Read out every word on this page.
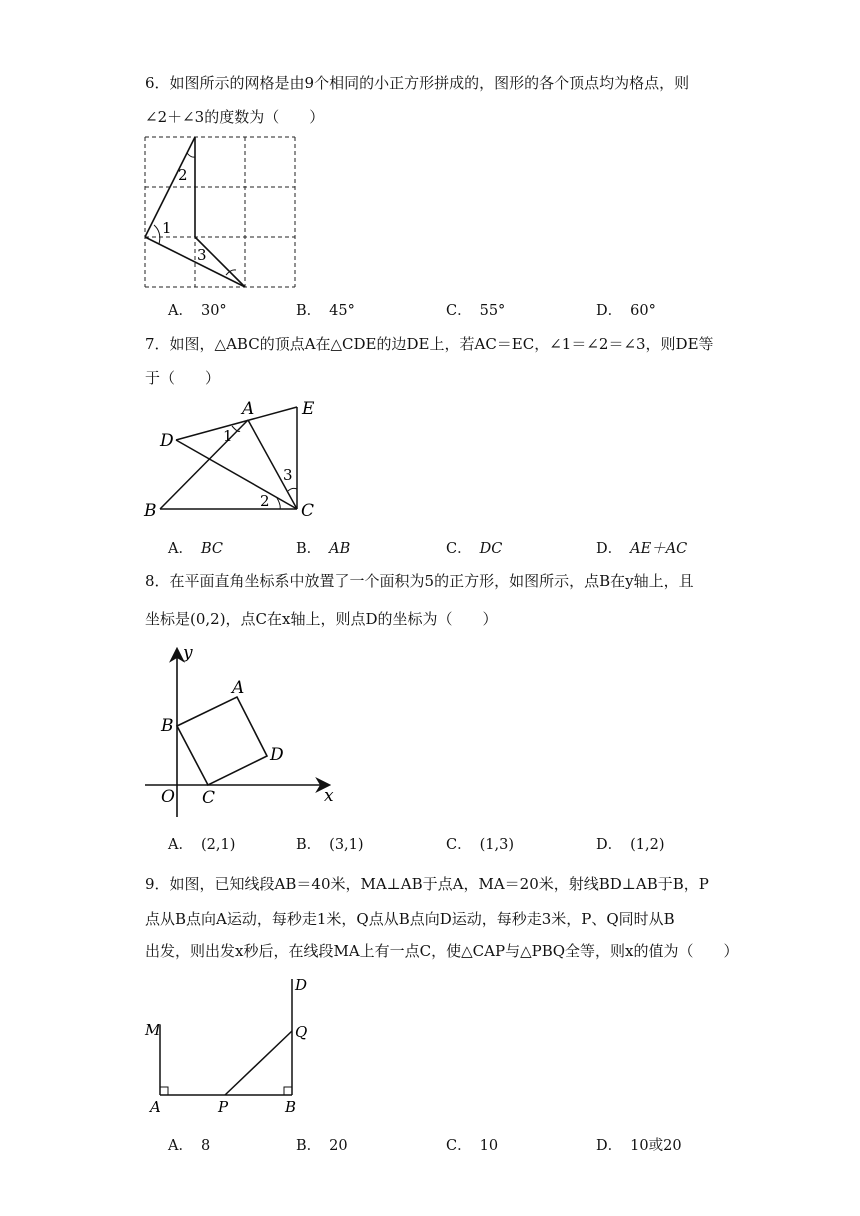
6．如图所示的网格是由9个相同的小正方形拼成的，图形的各个顶点均为格点，则
∠2＋∠3的度数为（　　）
1
2
3
A． 30°	B． 45°	C． 55°	D． 60°
7．如图，△ABC的顶点A在△CDE的边DE上，若AC＝EC，∠1＝∠2＝∠3，则DE等
于（　　）
A	E
D	1
3
B	2 C
A． BC	B． AB	C． DC	D． AE＋AC
8．在平面直角坐标系中放置了一个面积为5的正方形，如图所示，点B在y轴上，且
坐标是(0,2)，点C在x轴上，则点D的坐标为（　　）
y
A
B
D
O C	x
A． (2,1)	B． (3,1)	C． (1,3)	D． (1,2)
9．如图，已知线段AB＝40米，MA⊥AB于点A，MA＝20米，射线BD⊥AB于B，P
点从B点向A运动，每秒走1米，Q点从B点向D运动，每秒走3米，P、Q同时从B
出发，则出发x秒后，在线段MA上有一点C，使△CAP与△PBQ全等，则x的值为（　　）
D
M	Q
A	P	B
A． 8	B． 20	C． 10	D． 10或20
